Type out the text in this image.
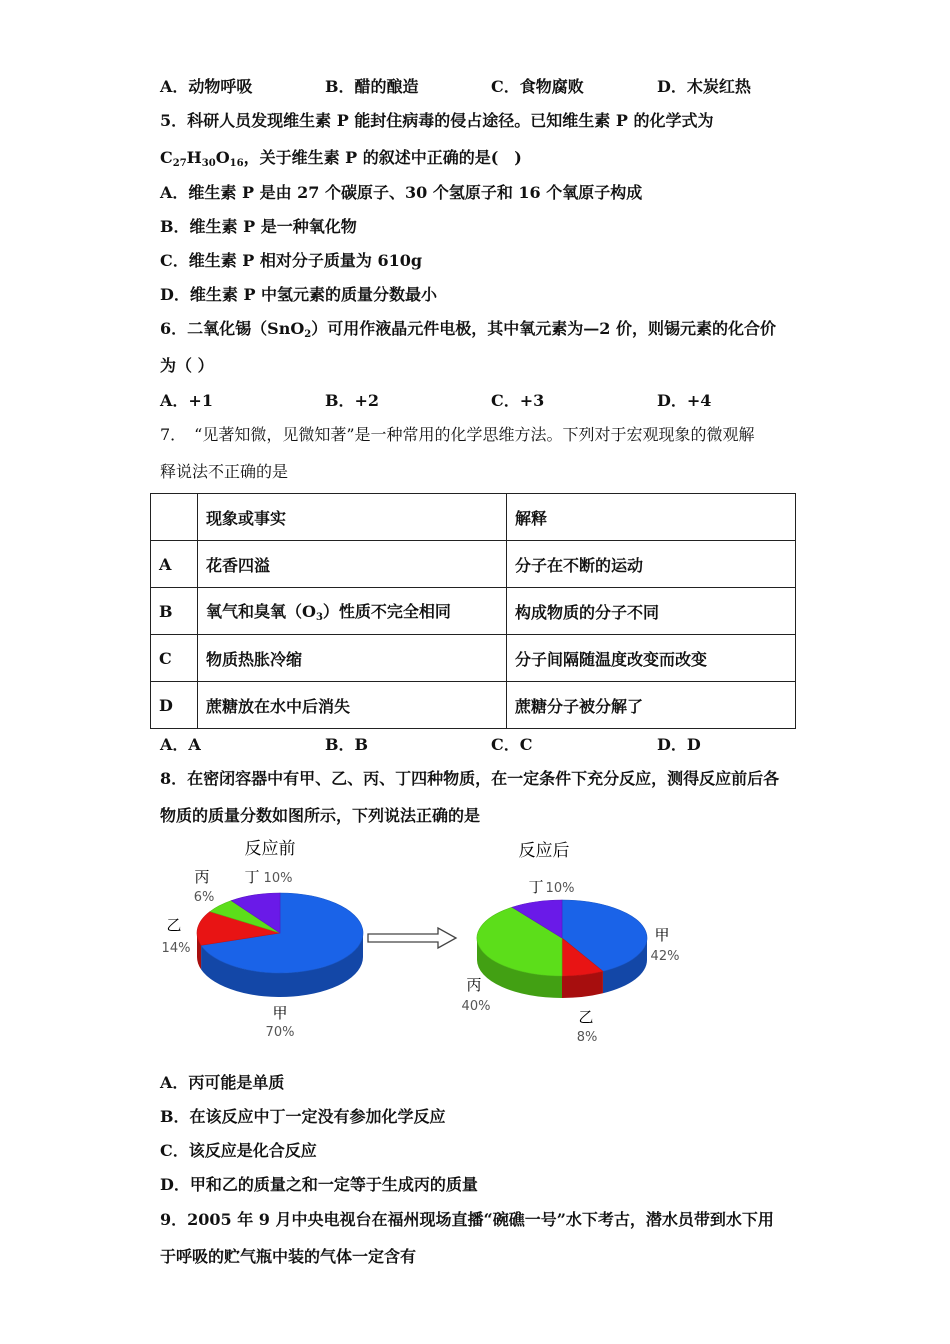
A．动物呼吸	B．醋的酿造	C．食物腐败	D．木炭红热
5．科研人员发现维生素 P 能封住病毒的侵占途径。已知维生素 P 的化学式为
$C_{27}H_{30}O_{16}$，关于维生素 P 的叙述中正确的是(　)
A．维生素 P 是由 27 个碳原子、30 个氢原子和 16 个氧原子构成
B．维生素 P 是一种氧化物
C．维生素 P 相对分子质量为 610g
D．维生素 P 中氢元素的质量分数最小
6．二氧化锡（SnO$_2$）可用作液晶元件电极，其中氧元素为—2 价，则锡元素的化合价
为（ ）
A．+1	B．+2	C．+3	D．+4
7．　“见著知微，见微知著”是一种常用的化学思维方法。下列对于宏观现象的微观解
释说法不正确的是
	现象或事实	解释
A	花香四溢	分子在不断的运动
B	氧气和臭氧$(O_3)$性质不完全相同	构成物质的分子不同
C	物质热胀冷缩	分子间隔随温度改变而改变
D	蔗糖放在水中后消失	蔗糖分子被分解了
A．A	B．B	C．C	D．D
8．在密闭容器中有甲、乙、丙、丁四种物质，在一定条件下充分反应，测得反应前后各
物质的质量分数如图所示，下列说法正确的是
反应前	反应后
甲
70%
乙
14%
丙
6%
丁 10%
甲
42%
乙
8%
丙
40%
丁 10%
A．丙可能是单质
B．在该反应中丁一定没有参加化学反应
C．该反应是化合反应
D．甲和乙的质量之和一定等于生成丙的质量
9．2005 年 9 月中央电视台在福州现场直播“碗礁一号”水下考古，潜水员带到水下用
于呼吸的贮气瓶中装的气体一定含有
